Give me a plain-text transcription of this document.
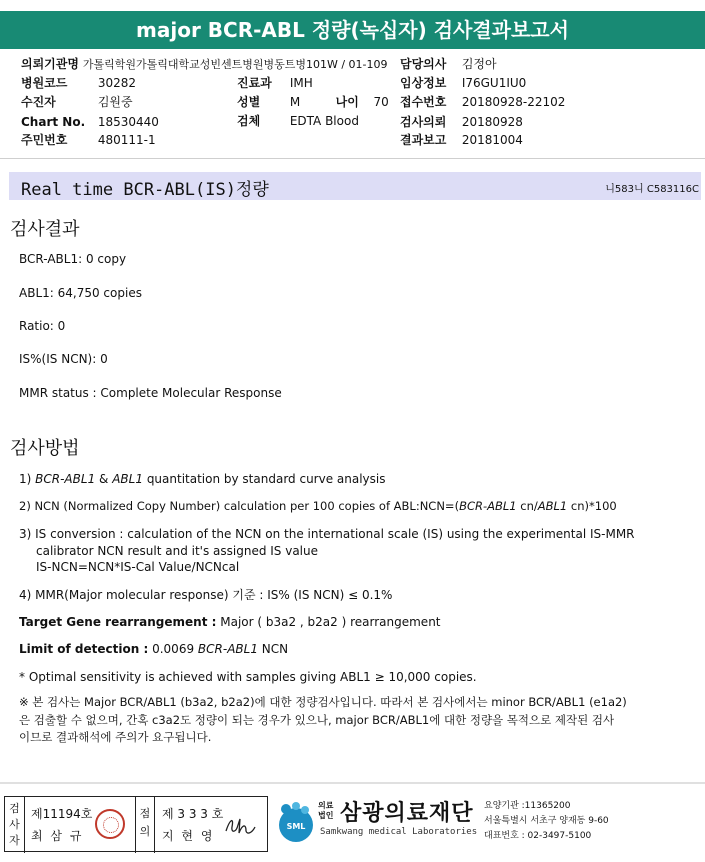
major BCR-ABL 정량(녹십자) 검사결과보고서
의뢰기관명 가톨릭학원가톨릭대학교성빈센트병원병동트병101W / 01-109 담당의사 김정아
병원코드	30282	진료과 IMH	임상정보 I76GU1IU0
수진자	김원중	성별 M	나이 70 접수번호 20180928-22102
Chart No. 18530440	검체 EDTA Blood	검사의뢰 20180928
주민번호	480111-1	결과보고 20181004
Real time BCR-ABL(IS)정량	니583니 C583116C
검사결과
BCR-ABL1: 0 copy
ABL1: 64,750 copies
Ratio: 0
IS%(IS NCN): 0
MMR status : Complete Molecular Response
검사방법
1) BCR-ABL1 & ABL1 quantitation by standard curve analysis
2) NCN (Normalized Copy Number) calculation per 100 copies of ABL:NCN=(BCR-ABL1 cn/ABL1 cn)*100
3) IS conversion : calculation of the NCN on the international scale (IS) using the experimental IS-MMR
calibrator NCN result and it's assigned IS value
IS-NCN=NCN*IS-Cal Value/NCNcal
4) MMR(Major molecular response) 기준 : IS% (IS NCN) ≤ 0.1%
Target Gene rearrangement : Major ( b3a2 , b2a2 ) rearrangement
Limit of detection : 0.0069 BCR-ABL1 NCN
* Optimal sensitivity is achieved with samples giving ABL1 ≥ 10,000 copies.
※ 본 검사는 Major BCR/ABL1 (b3a2, b2a2)에 대한 정량검사입니다. 따라서 본 검사에서는 minor BCR/ABL1 (e1a2)
은 검출할 수 없으며, 간혹 c3a2도 정량이 되는 경우가 있으나, major BCR/ABL1에 대한 정량을 목적으로 제작된 검사
이므로 결과해석에 주의가 요구됩니다.
검사자
제11194호
최 삼 규
점의
제 3 3 3 호
지 현 영
SML
의료
법인 삼광의료재단
Samkwang medical Laboratories
요양기관 :11365200
서울특별시 서초구 양재동 9-60
대표번호 : 02-3497-5100
